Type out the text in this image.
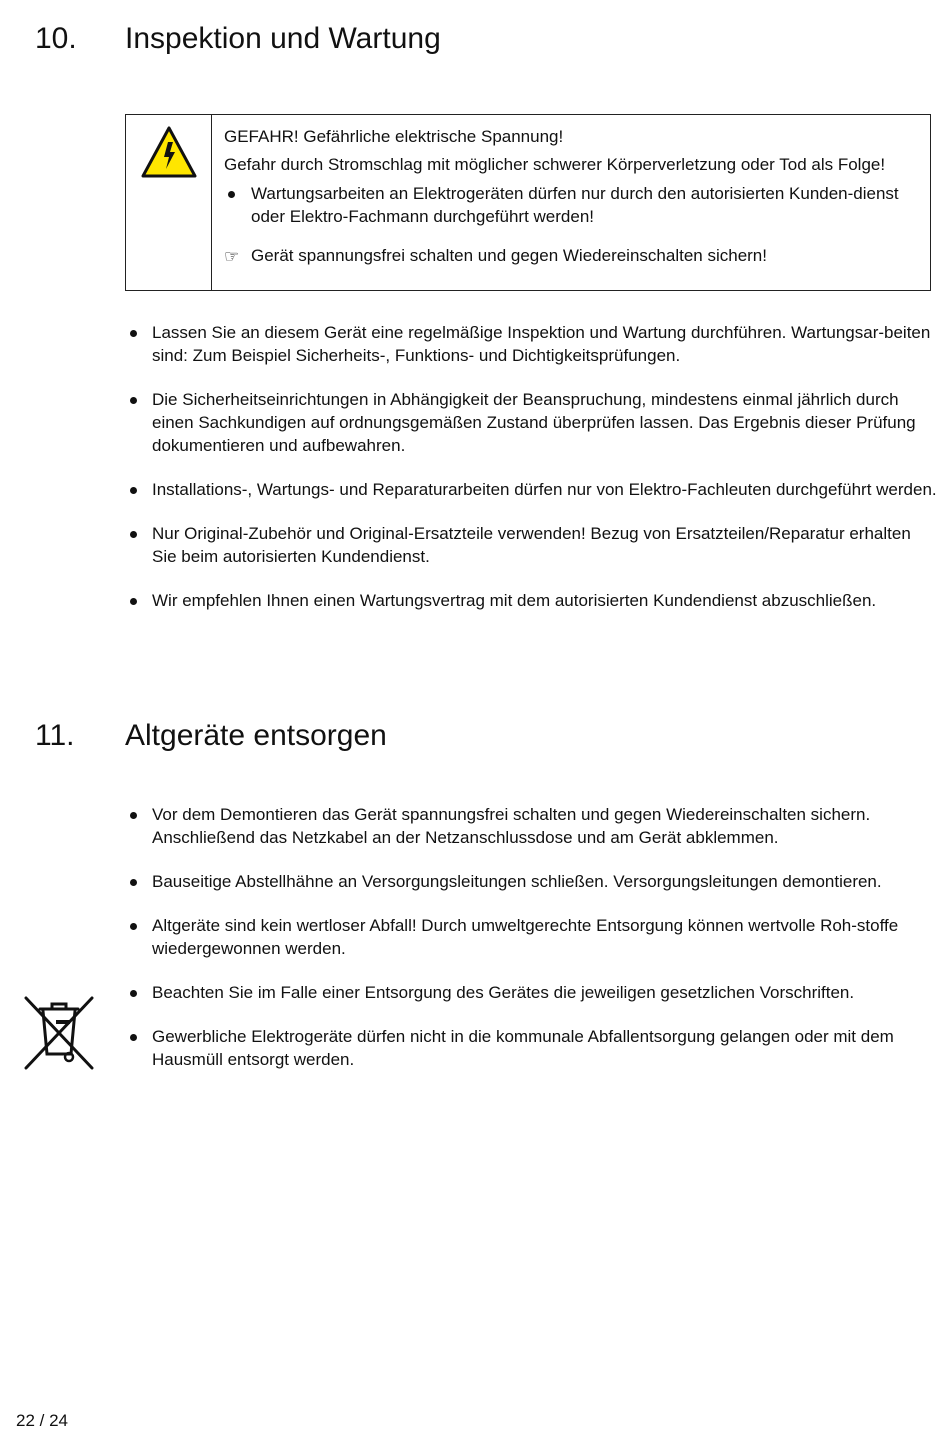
10. Inspektion und Wartung

GEFAHR! Gefährliche elektrische Spannung!

Gefahr durch Stromschlag mit möglicher schwerer Körperverletzung oder Tod als Folge!

Wartungsarbeiten an Elektrogeräten dürfen nur durch den autorisierten Kunden-dienst oder Elektro-Fachmann durchgeführt werden!
☞ Gerät spannungsfrei schalten und gegen Wiedereinschalten sichern!
Lassen Sie an diesem Gerät eine regelmäßige Inspektion und Wartung durchführen. Wartungsar-beiten sind: Zum Beispiel Sicherheits-, Funktions- und Dichtigkeitsprüfungen.
Die Sicherheitseinrichtungen in Abhängigkeit der Beanspruchung, mindestens einmal jährlich durch einen Sachkundigen auf ordnungsgemäßen Zustand überprüfen lassen. Das Ergebnis dieser Prüfung dokumentieren und aufbewahren.
Installations-, Wartungs- und Reparaturarbeiten dürfen nur von Elektro-Fachleuten durchgeführt werden.
Nur Original-Zubehör und Original-Ersatzteile verwenden! Bezug von Ersatzteilen/Reparatur erhalten Sie beim autorisierten Kundendienst.
Wir empfehlen Ihnen einen Wartungsvertrag mit dem autorisierten Kundendienst abzuschließen.
11. Altgeräte entsorgen
Vor dem Demontieren das Gerät spannungsfrei schalten und gegen Wiedereinschalten sichern. Anschließend das Netzkabel an der Netzanschlussdose und am Gerät abklemmen.
Bauseitige Abstellhähne an Versorgungsleitungen schließen. Versorgungsleitungen demontieren.
Altgeräte sind kein wertloser Abfall! Durch umweltgerechte Entsorgung können wertvolle Roh-stoffe wiedergewonnen werden.
Beachten Sie im Falle einer Entsorgung des Gerätes die jeweiligen gesetzlichen Vorschriften.
Gewerbliche Elektrogeräte dürfen nicht in die kommunale Abfallentsorgung gelangen oder mit dem Hausmüll entsorgt werden.
22 / 24
